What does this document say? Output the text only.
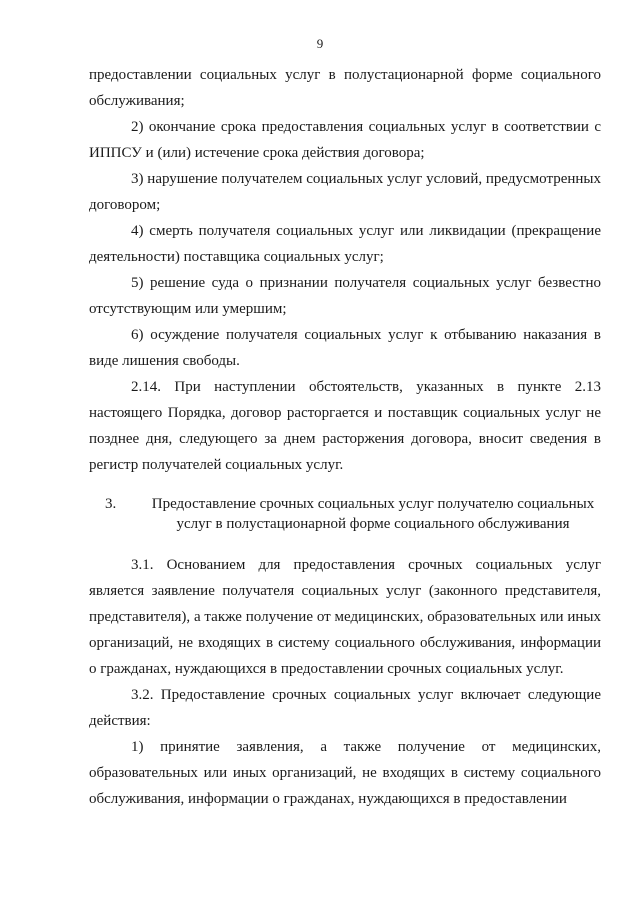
9

предоставлении социальных услуг в полустационарной форме социального обслуживания;

2) окончание срока предоставления социальных услуг в соответствии с ИППСУ и (или) истечение срока действия договора;

3) нарушение получателем социальных услуг условий, предусмотренных договором;

4) смерть получателя социальных услуг или ликвидации (прекращение деятельности) поставщика социальных услуг;

5) решение суда о признании получателя социальных услуг безвестно отсутствующим или умершим;

6) осуждение получателя социальных услуг к отбыванию наказания в виде лишения свободы.

2.14. При наступлении обстоятельств, указанных в пункте 2.13 настоящего Порядка, договор расторгается и поставщик социальных услуг не позднее дня, следующего за днем расторжения договора, вносит сведения в регистр получателей социальных услуг.

3.	Предоставление срочных социальных услуг получателю социальных услуг в полустационарной форме социального обслуживания

3.1. Основанием для предоставления срочных социальных услуг является заявление получателя социальных услуг (законного представителя, представителя), а также получение от медицинских, образовательных или иных организаций, не входящих в систему социального обслуживания, информации о гражданах, нуждающихся в предоставлении срочных социальных услуг.

3.2. Предоставление срочных социальных услуг включает следующие действия:

1) принятие заявления, а также получение от медицинских, образовательных или иных организаций, не входящих в систему социального обслуживания, информации о гражданах, нуждающихся в предоставлении
